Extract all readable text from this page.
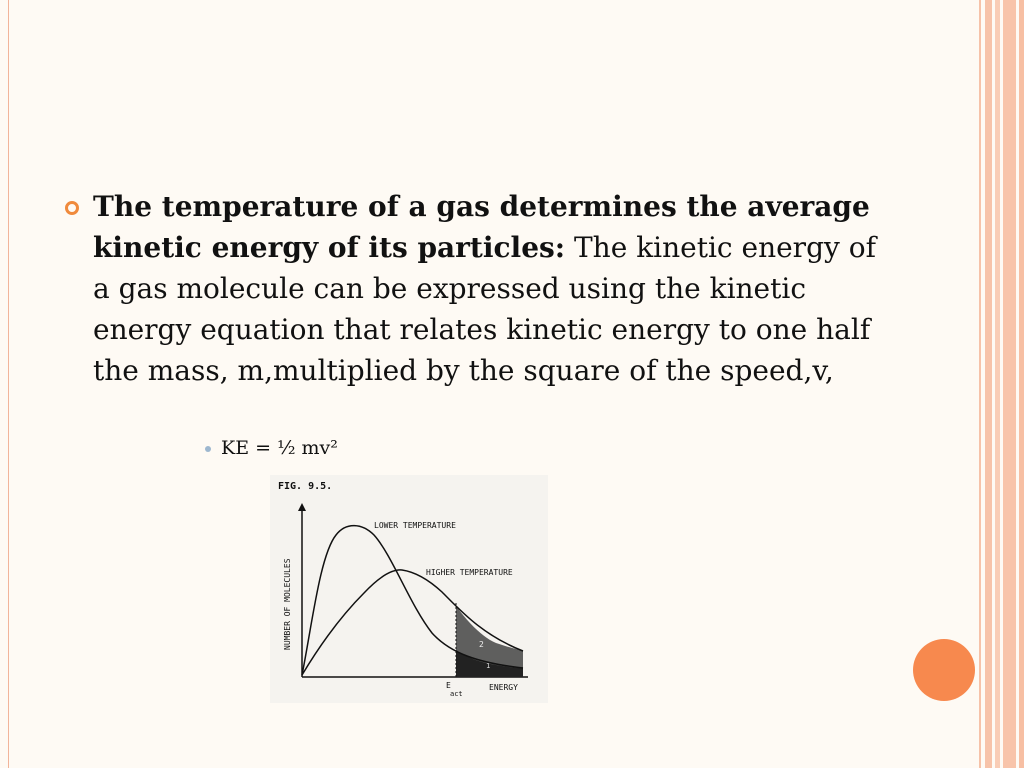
The temperature of a gas determines the average kinetic energy of its particles: The kinetic energy of a gas molecule can be expressed using the kinetic energy equation that relates kinetic energy to one half the mass, m,multiplied by the square of the speed,v,
KE = ½ mv²
FIG. 9.5.
LOWER TEMPERATURE
HIGHER TEMPERATURE
NUMBER OF MOLECULES
ENERGY
E
act
2
1
